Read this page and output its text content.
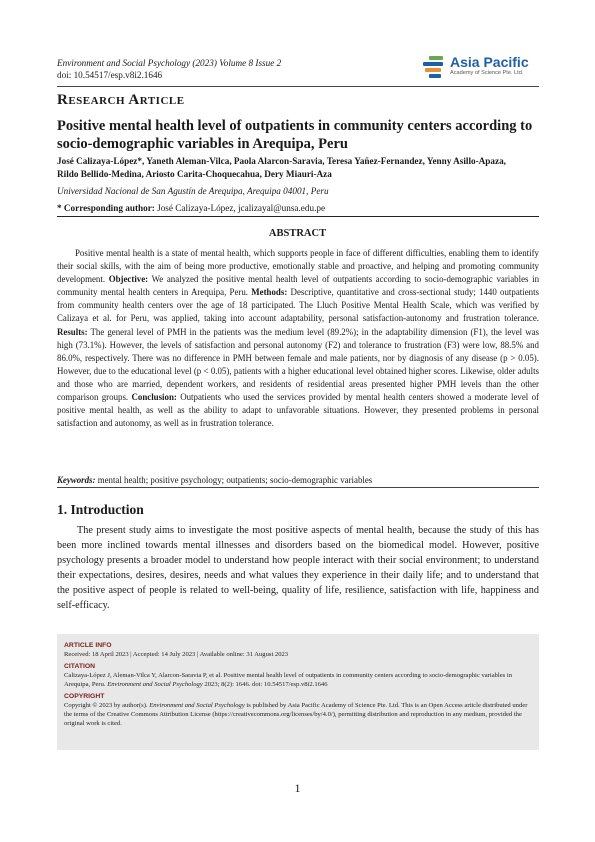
Environment and Social Psychology (2023) Volume 8 Issue 2
doi: 10.54517/esp.v8i2.1646
Asia Pacific
Academy of Science Pte. Ltd.
Research Article
Positive mental health level of outpatients in community centers according to socio-demographic variables in Arequipa, Peru
José Calizaya-López*, Yaneth Aleman-Vilca, Paola Alarcon-Saravia, Teresa Yañez-Fernandez, Yenny Asillo-Apaza,
Rildo Bellido-Medina, Ariosto Carita-Choquecahua, Dery Miauri-Aza
Universidad Nacional de San Agustín de Arequipa, Arequipa 04001, Peru
* Corresponding author: José Calizaya-López, jcalizayal@unsa.edu.pe
ABSTRACT
Positive mental health is a state of mental health, which supports people in face of different difficulties, enabling them to identify their social skills, with the aim of being more productive, emotionally stable and proactive, and helping and promoting community development. Objective: We analyzed the positive mental health level of outpatients according to socio-demographic variables in community mental health centers in Arequipa, Peru. Methods: Descriptive, quantitative and cross-sectional study; 1440 outpatients from community health centers over the age of 18 participated. The Lluch Positive Mental Health Scale, which was verified by Calizaya et al. for Peru, was applied, taking into account adaptability, personal satisfaction-autonomy and frustration tolerance. Results: The general level of PMH in the patients was the medium level (89.2%); in the adaptability dimension (F1), the level was high (73.1%). However, the levels of satisfaction and personal autonomy (F2) and tolerance to frustration (F3) were low, 88.5% and 86.0%, respectively. There was no difference in PMH between female and male patients, nor by diagnosis of any disease (p > 0.05). However, due to the educational level (p < 0.05), patients with a higher educational level obtained higher scores. Likewise, older adults and those who are married, dependent workers, and residents of residential areas presented higher PMH levels than the other comparison groups. Conclusion: Outpatients who used the services provided by mental health centers showed a moderate level of positive mental health, as well as the ability to adapt to unfavorable situations. However, they presented problems in personal satisfaction and autonomy, as well as in frustration tolerance.
Keywords: mental health; positive psychology; outpatients; socio-demographic variables
1. Introduction
The present study aims to investigate the most positive aspects of mental health, because the study of this has been more inclined towards mental illnesses and disorders based on the biomedical model. However, positive psychology presents a broader model to understand how people interact with their social environment; to understand their expectations, desires, desires, needs and what values they experience in their daily life; and to understand that the positive aspect of people is related to well-being, quality of life, resilience, satisfaction with life, happiness and self-efficacy.
ARTICLE INFO
Received: 18 April 2023 | Accepted: 14 July 2023 | Available online: 31 August 2023
CITATION
Calizaya-López J, Aleman-Vilca Y, Alarcon-Saravia P, et al. Positive mental health level of outpatients in community centers according to socio-demographic variables in Arequipa, Peru. Environment and Social Psychology 2023; 8(2): 1646. doi: 10.54517/esp.v8i2.1646
COPYRIGHT
Copyright © 2023 by author(s). Environment and Social Psychology is published by Asia Pacific Academy of Science Pte. Ltd. This is an Open Access article distributed under the terms of the Creative Commons Attribution License (https://creativecommons.org/licenses/by/4.0/), permitting distribution and reproduction in any medium, provided the original work is cited.
1
